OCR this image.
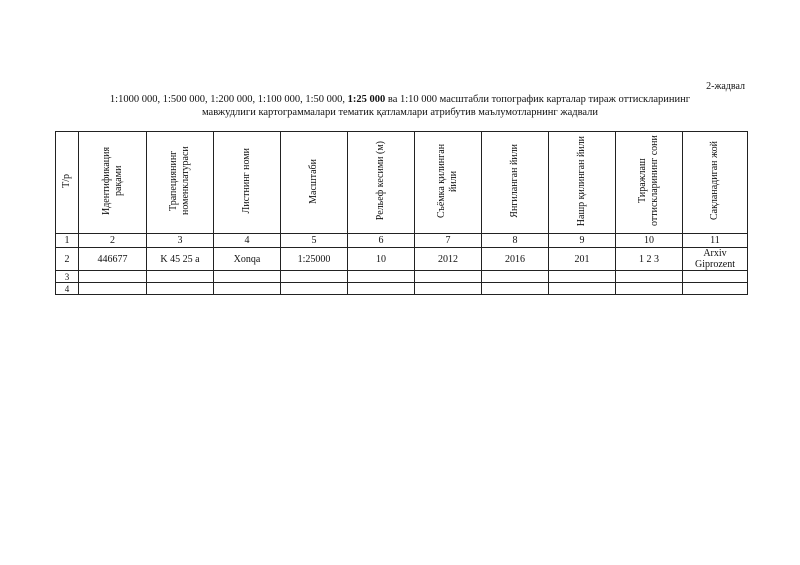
2-жадвал
1:1000 000, 1:500 000, 1:200 000, 1:100 000, 1:50 000, 1:25 000 ва 1:10 000 масштабли топографик карталар тираж оттискларининг
мавжудлиги картограммалари тематик қатламлари атрибутив маълумотларнинг жадвали
Т/р	Идентификация рақами	Трапециянинг номенклатураси	Листнинг номи	Масштаби	Рельеф кесими (м)	Съёмка қилинган йили	Янгиланган йили	Нашр қилинган йили	Тиражлаш оттискларининг сони	Сақланадиган жой
1	2	3	4	5	6	7	8	9	10	11
2	446677	K 45 25 a	Xonqa	1:25000	10	2012	2016	201	1 2 3	Arxiv Giprozent

3										
4										
